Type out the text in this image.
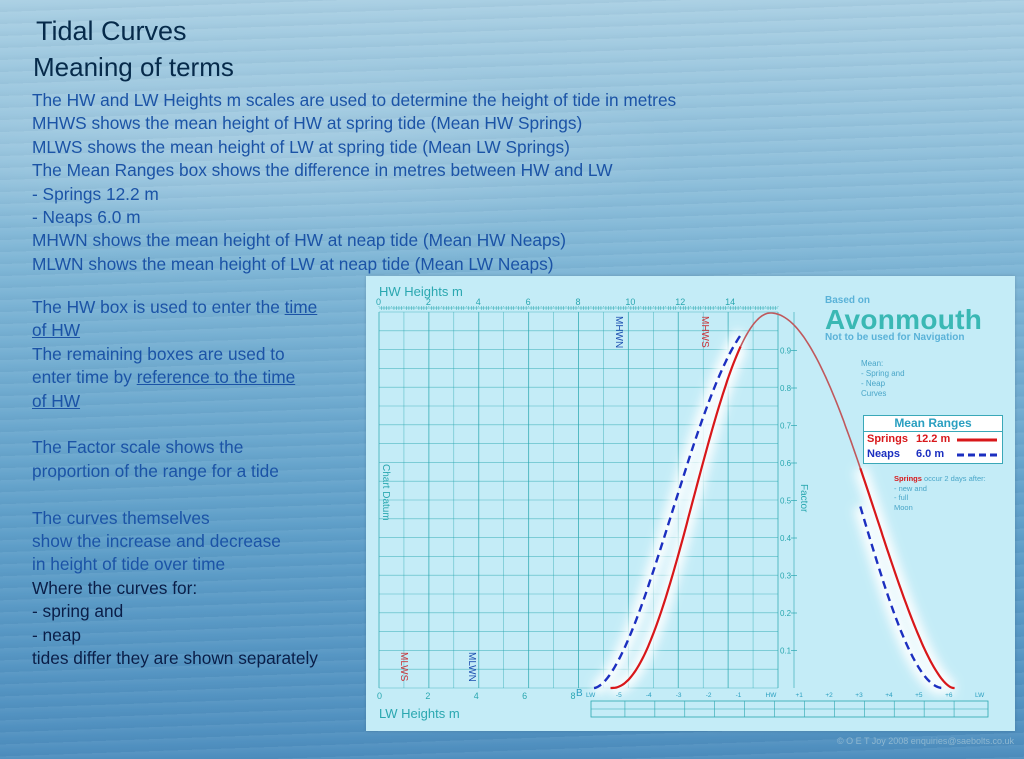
Tidal Curves
Meaning of terms
The HW and LW Heights m scales are used to determine the height of tide in metres
MHWS shows the mean height of HW at spring tide (Mean HW Springs)
MLWS shows the mean height of LW at spring tide (Mean LW Springs)
The Mean Ranges box shows the difference in metres between HW and LW
- Springs 12.2 m
- Neaps 6.0 m
MHWN shows the mean height of HW at neap tide (Mean HW Neaps)
MLWN shows the mean height of LW at neap tide (Mean LW Neaps)
The HW box is used to enter the time
of HW
The remaining boxes are used to
enter time by reference to the time
of HW
The Factor scale shows the
proportion of the range for a tide
The curves themselves
show the increase and decrease
in height of tide over time
Where the curves for:
- spring and
- neap
tides differ they are shown separately
0	2	4	6	8	10	12	14
0	2	4	6	8 LW	-5	-4	-3	-2	-1	HW	+1	+2	+3	+4	+5	+6	LW
0.9
0.8
0.7
0.6
0.5
0.4
0.3
0.2
0.1
HW Heights m
LW Heights m
B
Chart Datum	Factor
MHWN	MHWS
MLWS	MLWN
Based on
Avonmouth
Not to be used for Navigation
Mean:
- Spring and
- Neap
Curves
Mean Ranges
Springs 12.2 m
Neaps 6.0 m
Springs occur 2 days after:
- new and
- full
Moon
© O E T Joy 2008 enquiries@saebolts.co.uk
